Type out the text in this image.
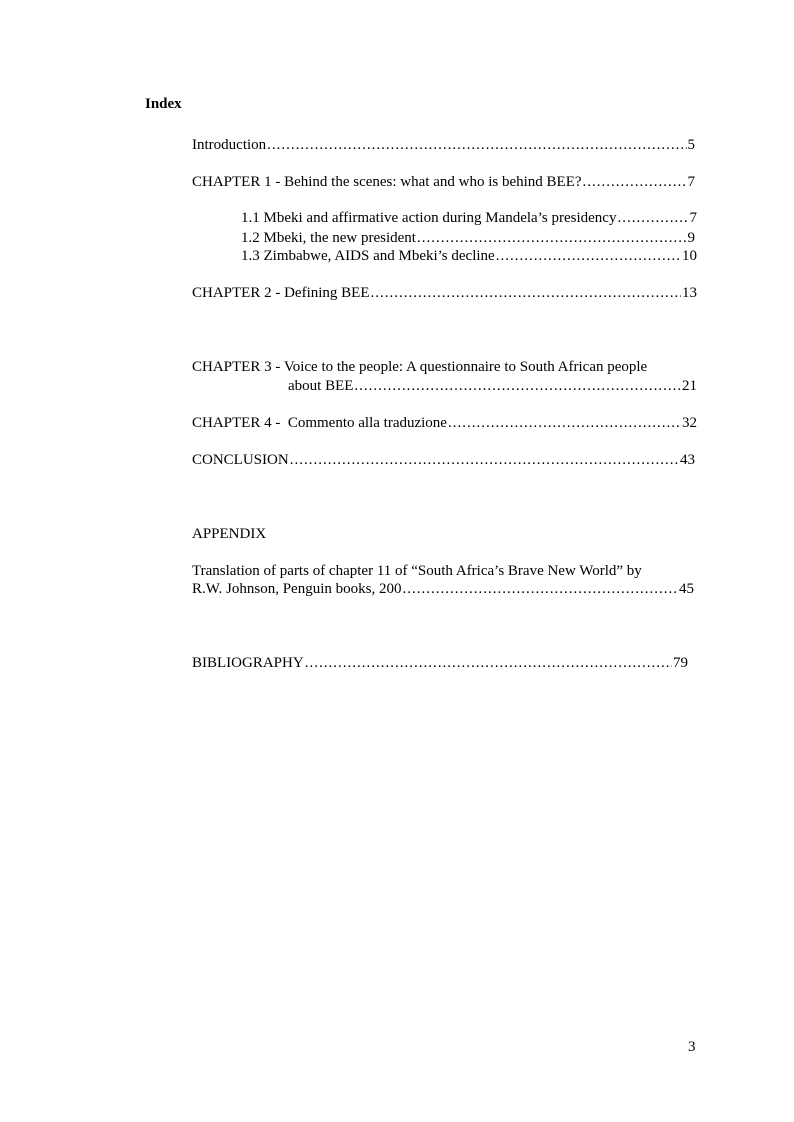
Index
Introduction .....	5
CHAPTER 1 - Behind the scenes: what and who is behind BEE? .....	7
1.1 Mbeki and affirmative action during Mandela’s presidency .....	7
1.2 Mbeki, the new president .....	9
1.3 Zimbabwe, AIDS and Mbeki’s decline .....	10
CHAPTER 2 - Defining BEE .....	13
CHAPTER 3 - Voice to the people: A questionnaire to South African people
about BEE .....	21
CHAPTER 4 -  Commento alla traduzione .....	32
CONCLUSION .....	43
APPENDIX
Translation of parts of chapter 11 of “South Africa’s Brave New World” by
R.W. Johnson, Penguin books, 200 .....	45
BIBLIOGRAPHY .....	79
3
